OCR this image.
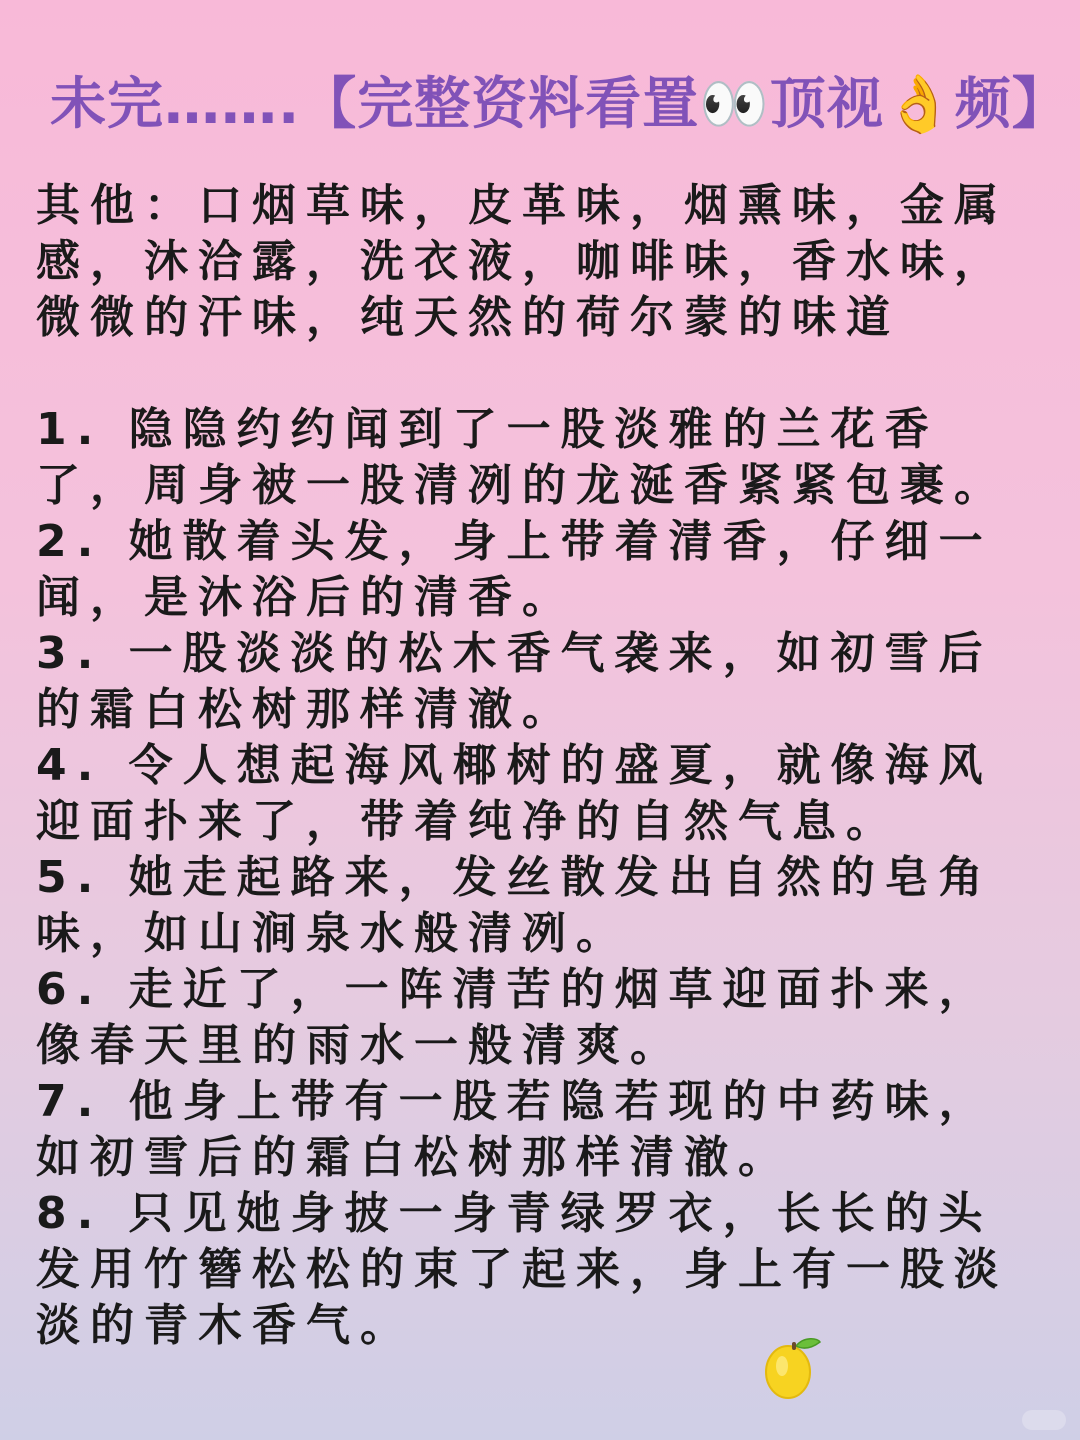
未完…….【完整资料看置👀顶视👌频】
其他：口烟草味，皮革味，烟熏味，金属感，沐洽露，洗衣液，咖啡味，香水味，微微的汗味，纯天然的荷尔蒙的味道
1. 隐隐约约闻到了一股淡雅的兰花香
了，周身被一股清冽的龙涎香紧紧包裹。
2. 她散着头发，身上带着清香，仔细一闻，是沐浴后的清香。
3. 一股淡淡的松木香气袭来，如初雪后的霜白松树那样清澈。
4. 令人想起海风椰树的盛夏，就像海风迎面扑来了，带着纯净的自然气息。
5. 她走起路来，发丝散发出自然的皂角味，如山涧泉水般清冽。
6. 走近了，一阵清苦的烟草迎面扑来，像春天里的雨水一般清爽。
7. 他身上带有一股若隐若现的中药味，如初雪后的霜白松树那样清澈。
8. 只见她身披一身青绿罗衣，长长的头发用竹簪松松的束了起来，身上有一股淡淡的青木香气。
